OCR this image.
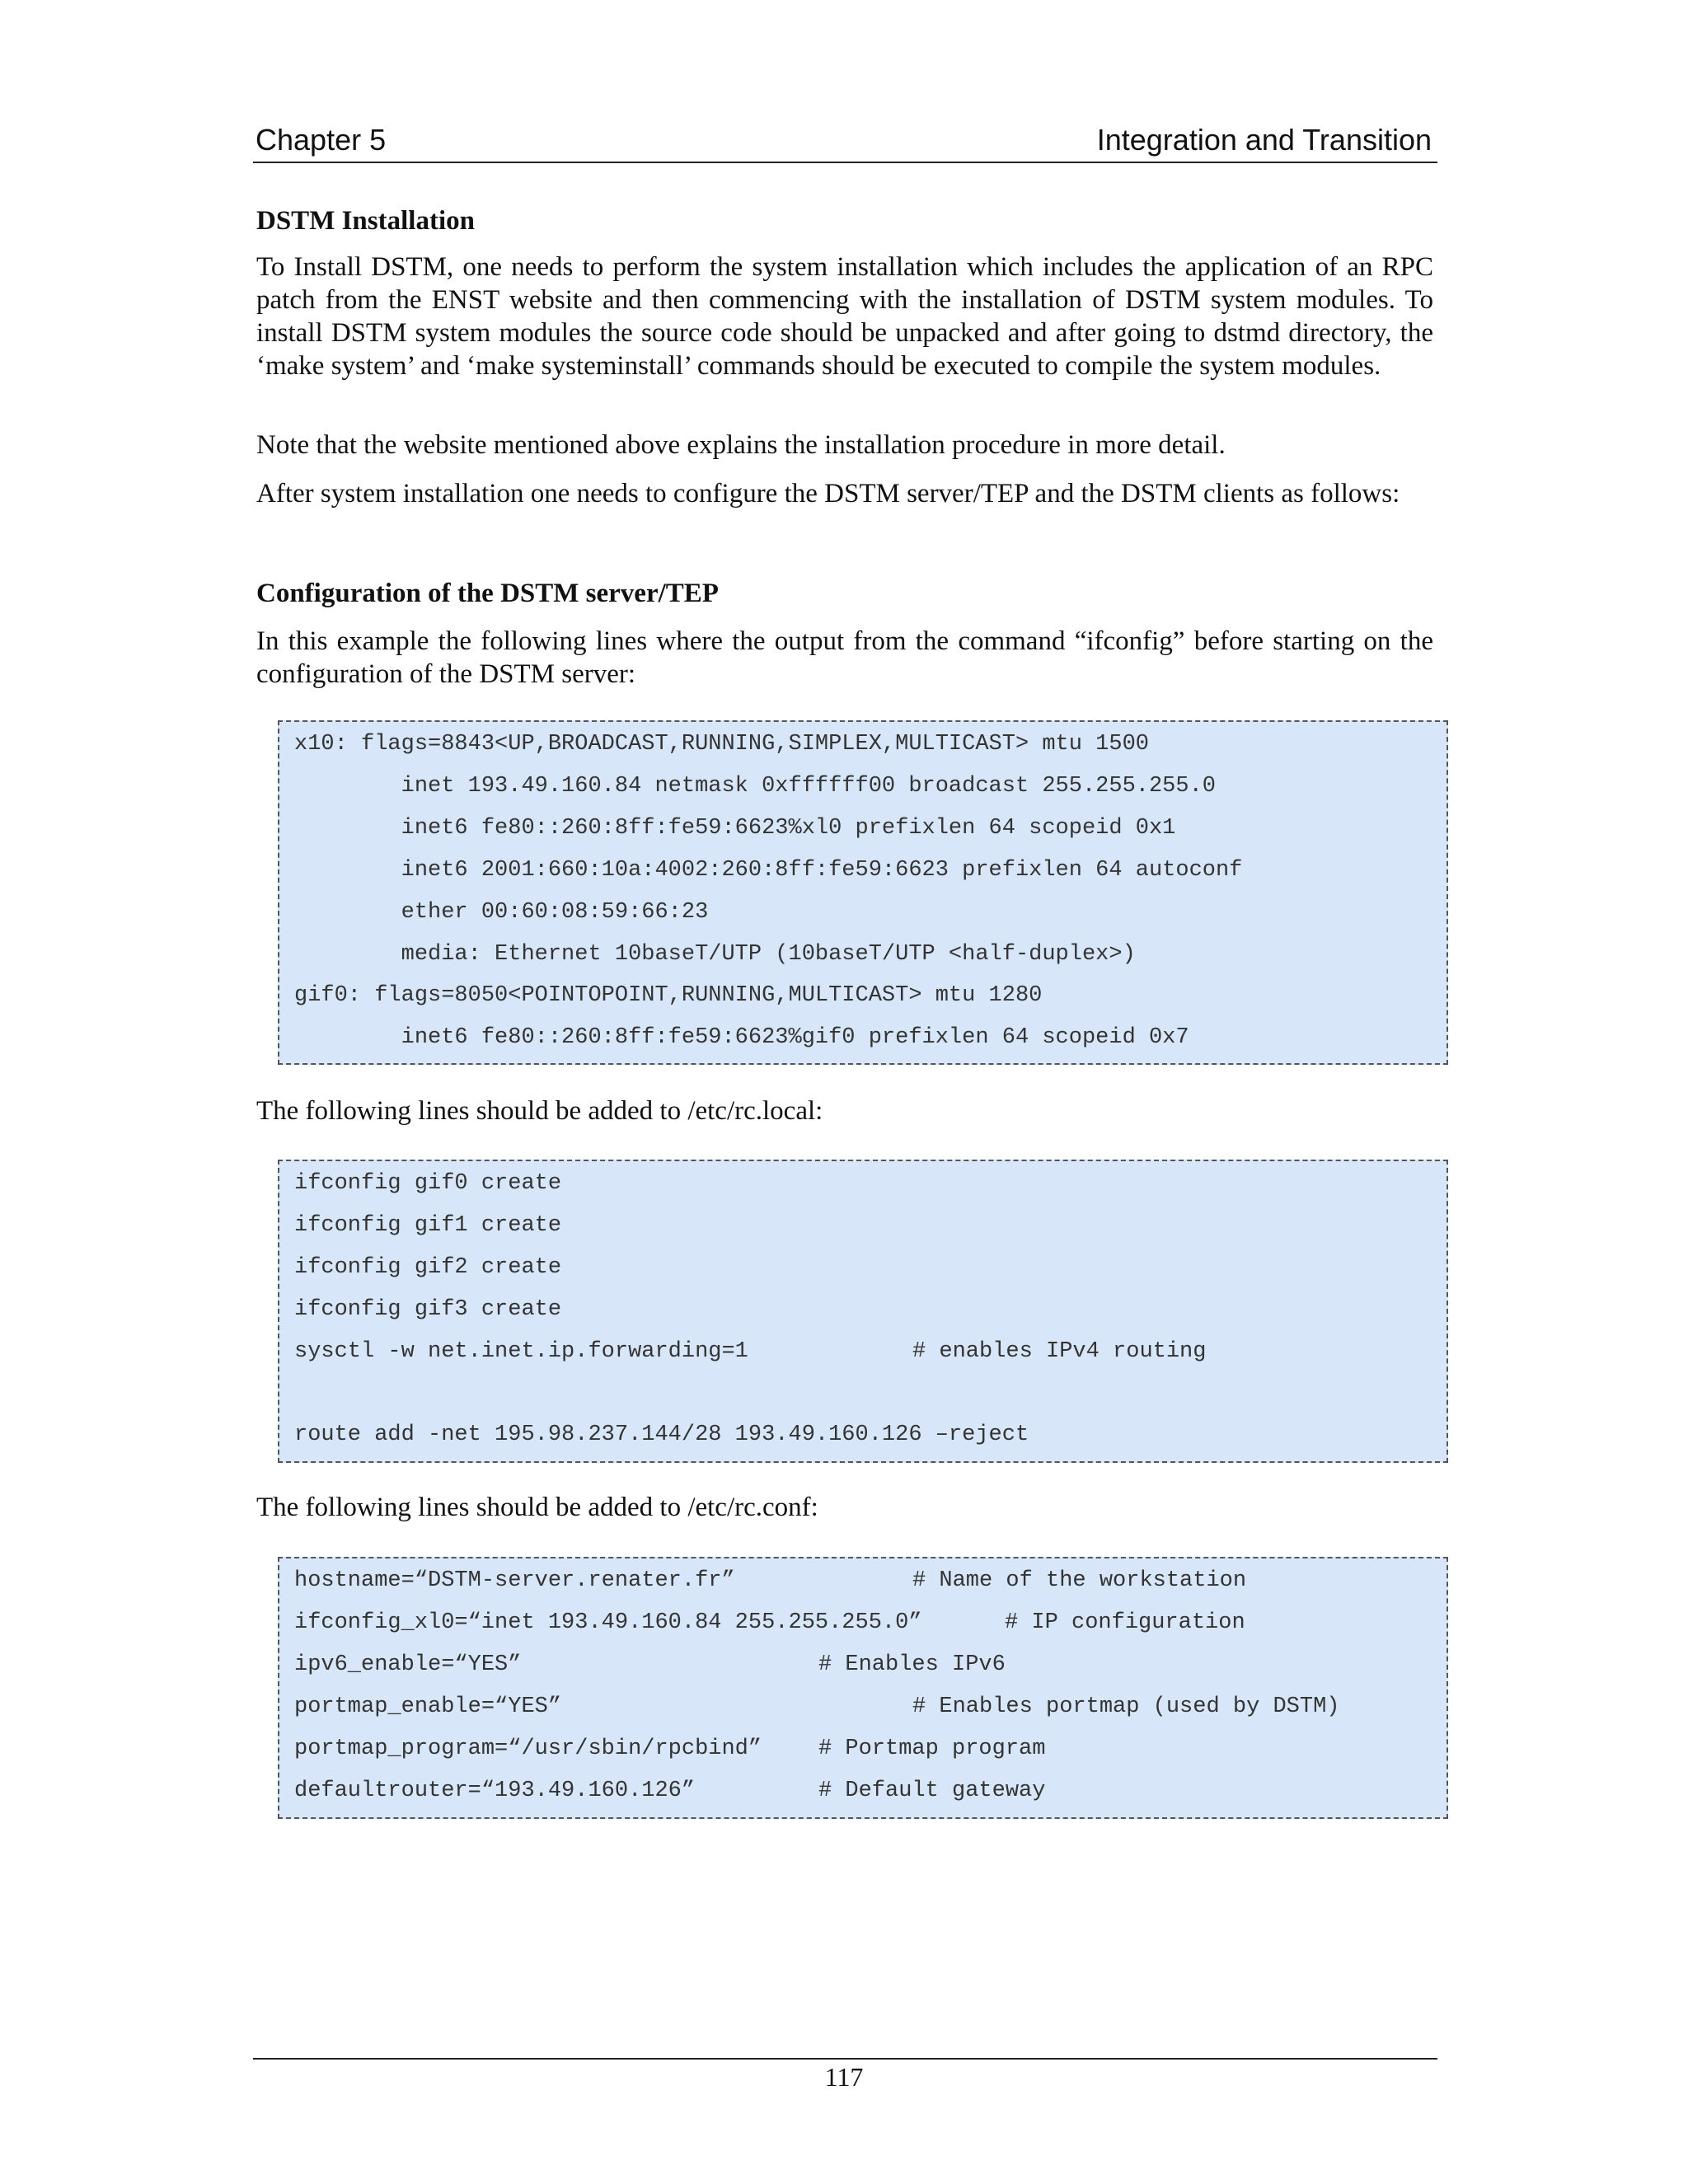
Chapter 5	Integration and Transition

DSTM Installation

To Install DSTM, one needs to perform the system installation which includes the application of an RPC patch from the ENST website and then commencing with the installation of DSTM system modules. To install DSTM system modules the source code should be unpacked and after going to dstmd directory, the ‘make system’ and ‘make systeminstall’ commands should be executed to compile the system modules.

Note that the website mentioned above explains the installation procedure in more detail.

After system installation one needs to configure the DSTM server/TEP and the DSTM clients as follows:

Configuration of the DSTM server/TEP

In this example the following lines where the output from the command “ifconfig” before starting on the configuration of the DSTM server:

The following lines should be added to /etc/rc.local:

The following lines should be added to /etc/rc.conf:

x10: flags=8843<UP,BROADCAST,RUNNING,SIMPLEX,MULTICAST> mtu 1500
inet 193.49.160.84 netmask 0xffffff00 broadcast 255.255.255.0
inet6 fe80::260:8ff:fe59:6623%xl0 prefixlen 64 scopeid 0x1
inet6 2001:660:10a:4002:260:8ff:fe59:6623 prefixlen 64 autoconf
ether 00:60:08:59:66:23
media: Ethernet 10baseT/UTP (10baseT/UTP <half-duplex>)
gif0: flags=8050<POINTOPOINT,RUNNING,MULTICAST> mtu 1280
inet6 fe80::260:8ff:fe59:6623%gif0 prefixlen 64 scopeid 0x7
ifconfig gif0 create
ifconfig gif1 create
ifconfig gif2 create
ifconfig gif3 create
sysctl -w net.inet.ip.forwarding=1	# enables IPv4 routing
route add -net 195.98.237.144/28 193.49.160.126 –reject
hostname=“DSTM-server.renater.fr”	# Name of the workstation
ifconfig_xl0=“inet 193.49.160.84 255.255.255.0”	# IP configuration
ipv6_enable=“YES”	# Enables IPv6
portmap_enable=“YES”	# Enables portmap (used by DSTM)
portmap_program=“/usr/sbin/rpcbind”	# Portmap program
defaultrouter=“193.49.160.126”	# Default gateway
117
